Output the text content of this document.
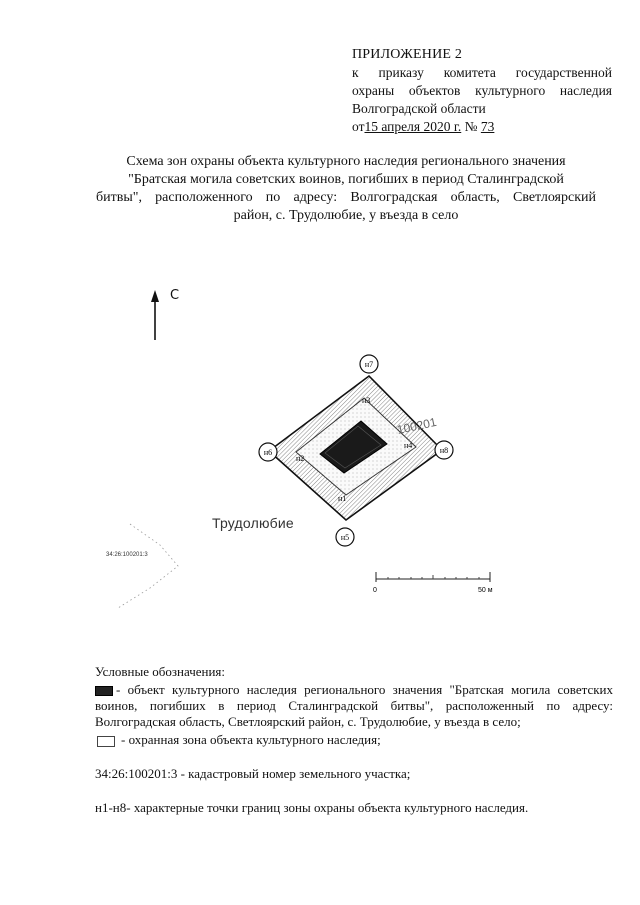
ПРИЛОЖЕНИЕ 2
к приказу комитета государственной
охраны объектов культурного наследия
Волгоградской области
от15 апреля 2020 г. № 73
Схема зон охраны объекта культурного наследия регионального значения
"Братская могила советских воинов, погибших в период Сталинградской
битвы", расположенного по адресу: Волгоградская область, Светлоярский
район, с. Трудолюбие, у въезда в село
С
100201
н3
н4
н2
н1
н7
н6	н8
н5
0	50 м
Трудолюбие
34:26:100201:3
Условные обозначения:
- объект культурного наследия регионального значения "Братская могила советских воинов, погибших в период Сталинградской битвы", расположенный по адресу: Волгоградская область, Светлоярский район, с. Трудолюбие, у въезда в село;
- охранная зона объекта культурного наследия;
34:26:100201:3 - кадастровый номер земельного участка;
н1-н8- характерные точки границ зоны охраны объекта культурного наследия.
